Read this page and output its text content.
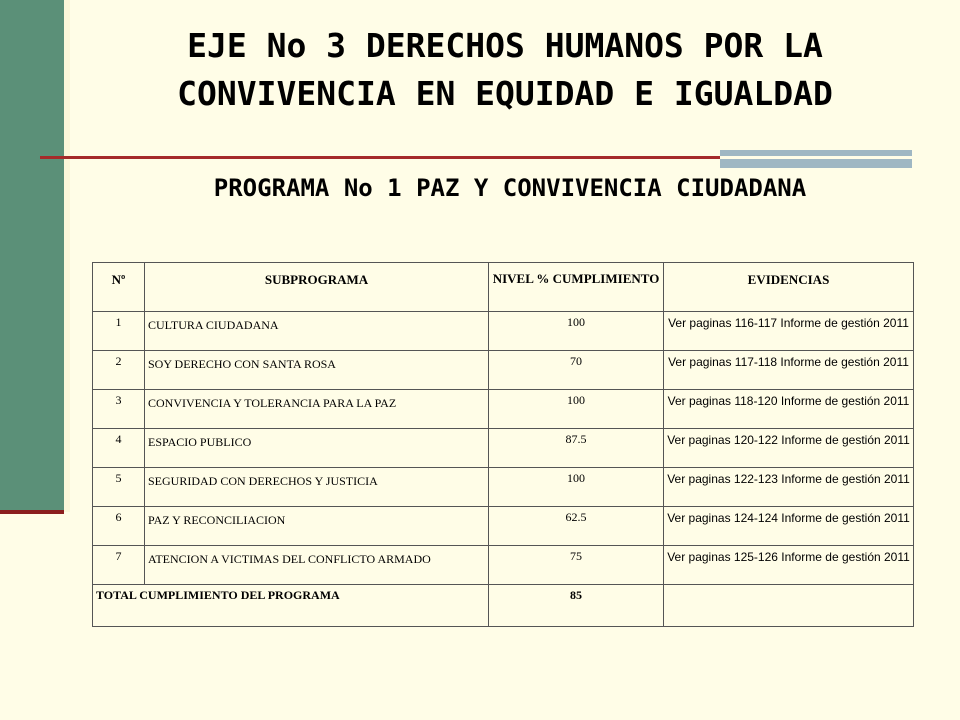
EJE No 3 DERECHOS HUMANOS POR LA CONVIVENCIA EN EQUIDAD E IGUALDAD
PROGRAMA No 1 PAZ Y CONVIVENCIA CIUDADANA
Nº	SUBPROGRAMA	NIVEL % CUMPLIMIENTO	EVIDENCIAS
1	CULTURA CIUDADANA	100	Ver paginas 116-117 Informe de gestión 2011
2	SOY DERECHO CON SANTA ROSA	70	Ver paginas 117-118 Informe de gestión 2011
3	CONVIVENCIA Y TOLERANCIA PARA LA PAZ	100	Ver paginas 118-120 Informe de gestión 2011
4	ESPACIO PUBLICO	87.5	Ver paginas 120-122 Informe de gestión 2011
5	SEGURIDAD CON DERECHOS Y JUSTICIA	100	Ver paginas 122-123 Informe de gestión 2011
6	PAZ Y RECONCILIACION	62.5	Ver paginas 124-124 Informe de gestión 2011
7	ATENCION A VICTIMAS DEL CONFLICTO ARMADO	75	Ver paginas 125-126 Informe de gestión 2011
TOTAL CUMPLIMIENTO DEL PROGRAMA		85	
